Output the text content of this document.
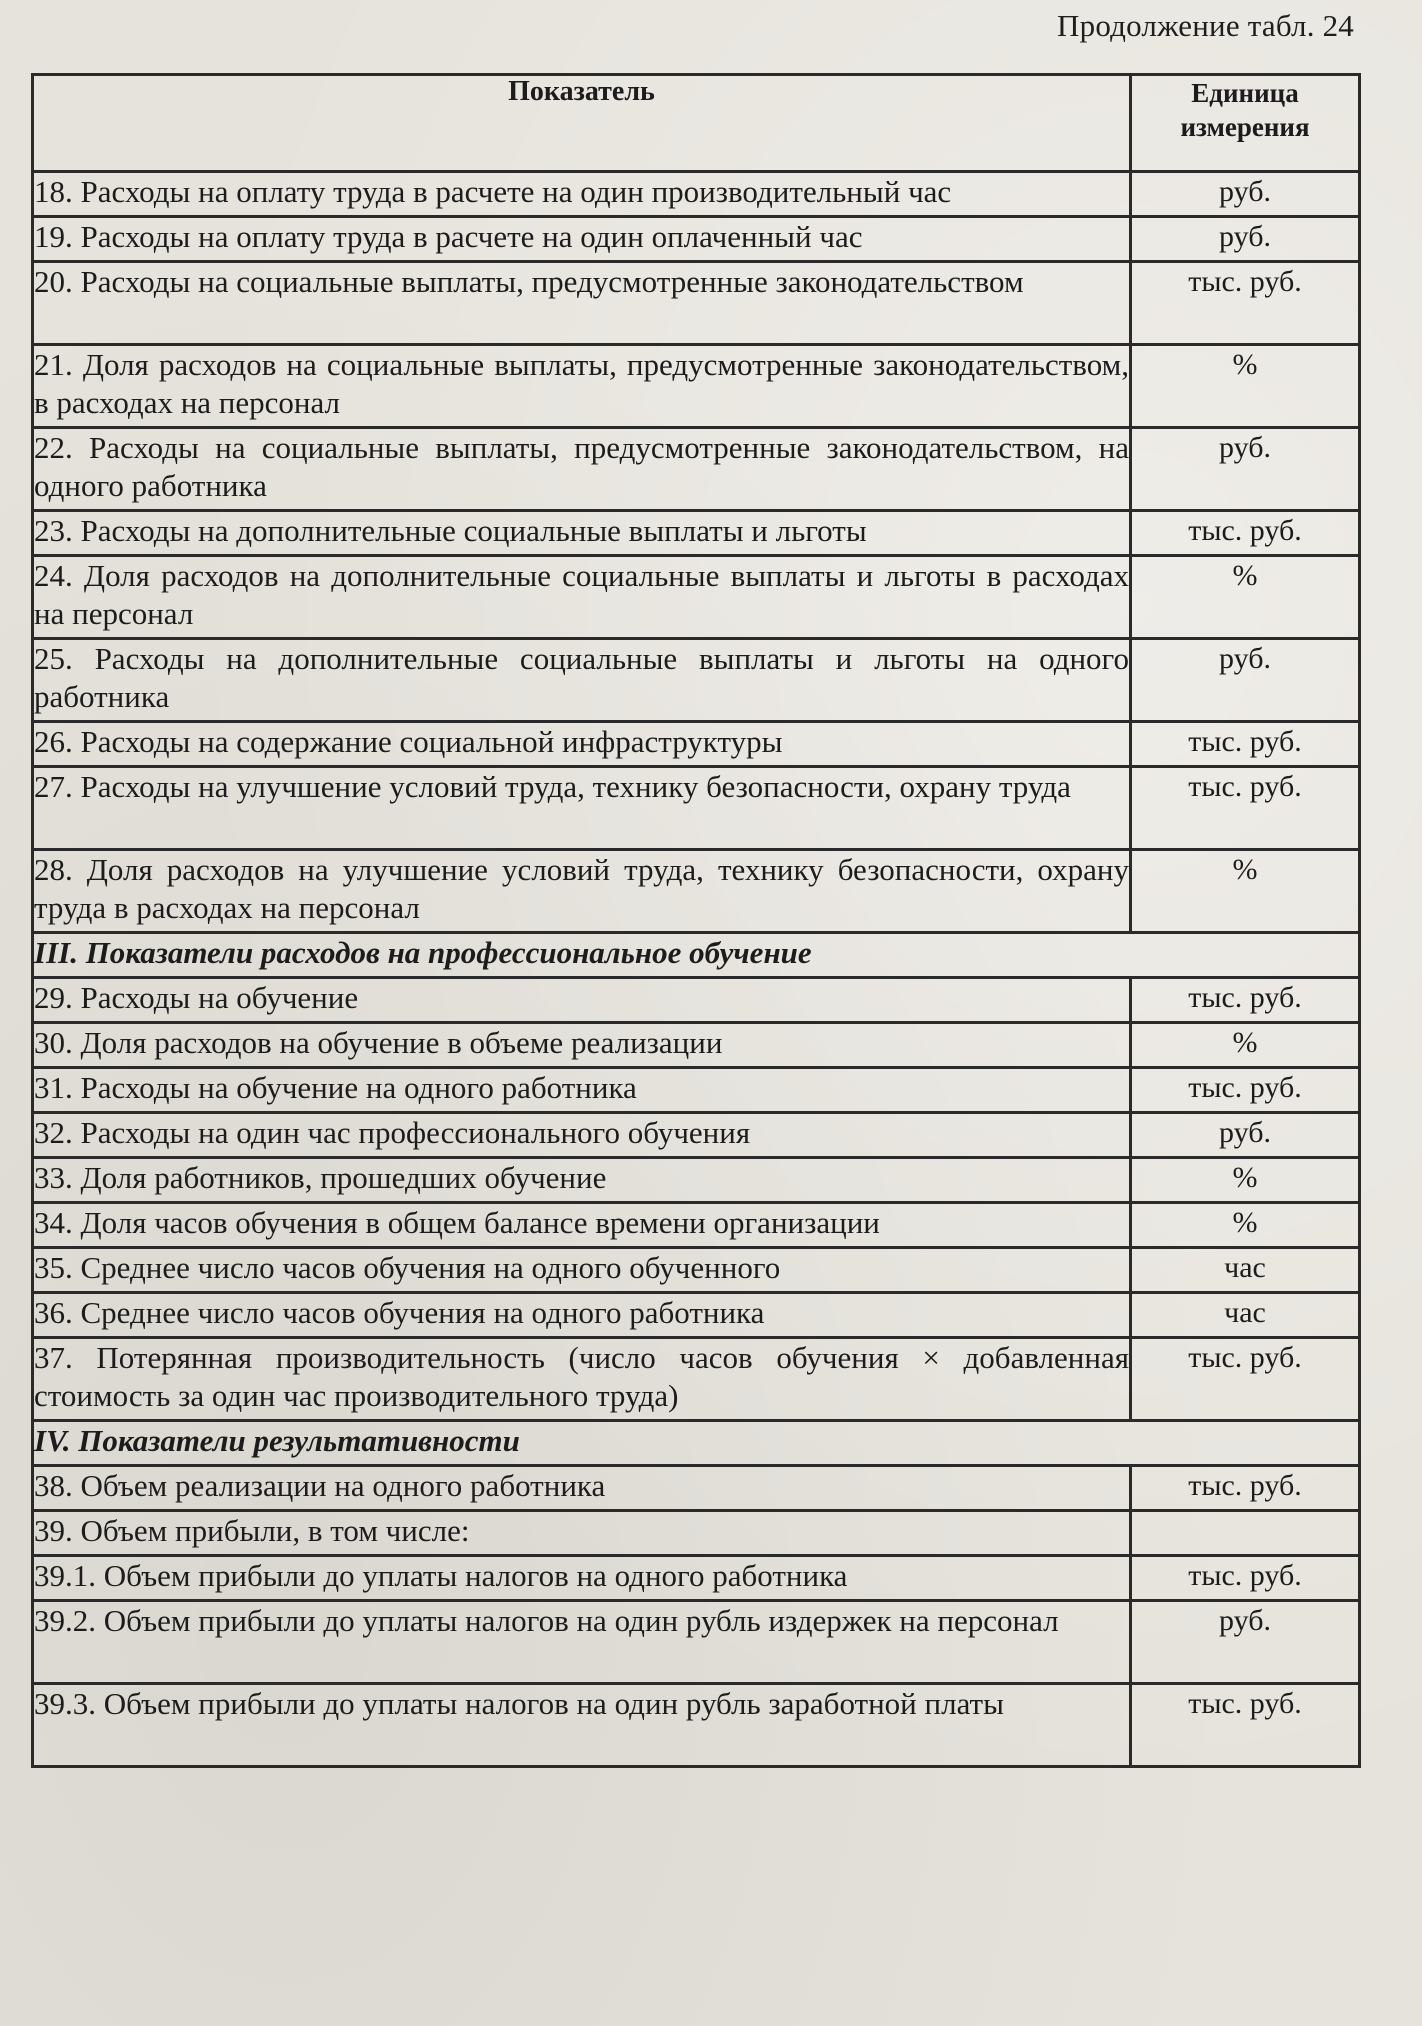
Продолжение табл. 24
Показатель	Единица
измерения
18. Расходы на оплату труда в расчете на один производительный час	руб.
19. Расходы на оплату труда в расчете на один оплаченный час	руб.
20. Расходы на социальные выплаты, предусмотренные законодательством	тыс. руб.
21. Доля расходов на социальные выплаты, предусмотренные законодательством, в расходах на персонал	%
22. Расходы на социальные выплаты, предусмотренные законодательством, на одного работника	руб.
23. Расходы на дополнительные социальные выплаты и льготы	тыс. руб.
24. Доля расходов на дополнительные социальные выплаты и льготы в расходах на персонал	%
25. Расходы на дополнительные социальные выплаты и льготы на одного работника	руб.
26. Расходы на содержание социальной инфраструктуры	тыс. руб.
27. Расходы на улучшение условий труда, технику безопасности, охрану труда	тыс. руб.
28. Доля расходов на улучшение условий труда, технику безопасности, охрану труда в расходах на персонал	%
III. Показатели расходов на профессиональное обучение	
29. Расходы на обучение	тыс. руб.
30. Доля расходов на обучение в объеме реализации	%
31. Расходы на обучение на одного работника	тыс. руб.
32. Расходы на один час профессионального обучения	руб.
33. Доля работников, прошедших обучение	%
34. Доля часов обучения в общем балансе времени организации	%
35. Среднее число часов обучения на одного обученного	час
36. Среднее число часов обучения на одного работника	час
37. Потерянная производительность (число часов обучения × добавленная стоимость за один час производительного труда)	тыс. руб.
IV. Показатели результативности	
38. Объем реализации на одного работника	тыс. руб.
39. Объем прибыли, в том числе:	
39.1. Объем прибыли до уплаты налогов на одного работника	тыс. руб.
39.2. Объем прибыли до уплаты налогов на один рубль издержек на персонал	руб.
39.3. Объем прибыли до уплаты налогов на один рубль заработной платы	тыс. руб.
